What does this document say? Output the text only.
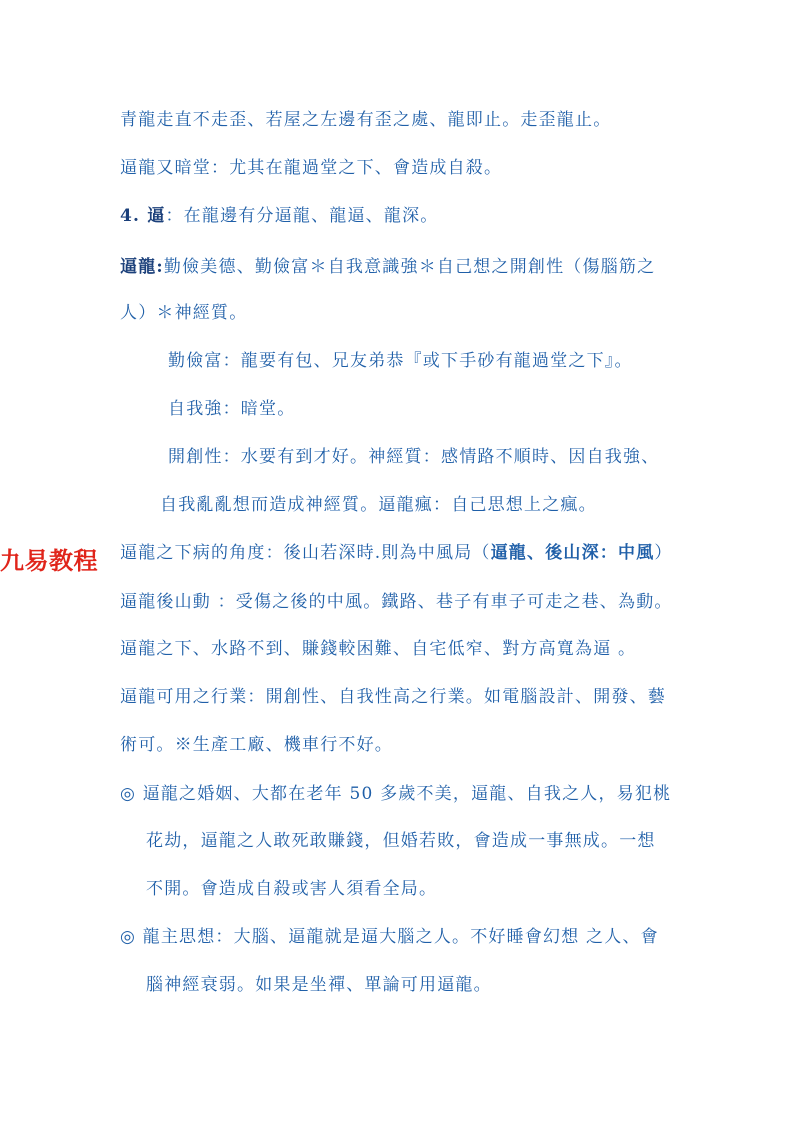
青龍走直不走歪、若屋之左邊有歪之處、龍即止。走歪龍止。
逼龍又暗堂：尤其在龍過堂之下、會造成自殺。
4. 逼：在龍邊有分逼龍、龍逼、龍深。
逼龍:勤儉美德、勤儉富＊自我意識強＊自己想之開創性（傷腦筋之
人）＊神經質。
勤儉富：龍要有包、兄友弟恭『或下手砂有龍過堂之下』。
自我強：暗堂。
開創性：水要有到才好。神經質：感情路不順時、因自我強、
自我亂亂想而造成神經質。逼龍瘋：自己思想上之瘋。
九易教程 逼龍之下病的角度：後山若深時.則為中風局（逼龍、後山深：中風）
逼龍後山動 ：受傷之後的中風。鐵路、巷子有車子可走之巷、為動。
逼龍之下、水路不到、賺錢較困難、自宅低窄、對方高寬為逼 。
逼龍可用之行業：開創性、自我性高之行業。如電腦設計、開發、藝
術可。※生產工廠、機車行不好。
◎ 逼龍之婚姻、大都在老年 50 多歲不美，逼龍、自我之人，易犯桃
花劫，逼龍之人敢死敢賺錢，但婚若敗，會造成一事無成。一想
不開。會造成自殺或害人須看全局。
◎ 龍主思想：大腦、逼龍就是逼大腦之人。不好睡會幻想 之人、會
腦神經衰弱。如果是坐禪、單論可用逼龍。
